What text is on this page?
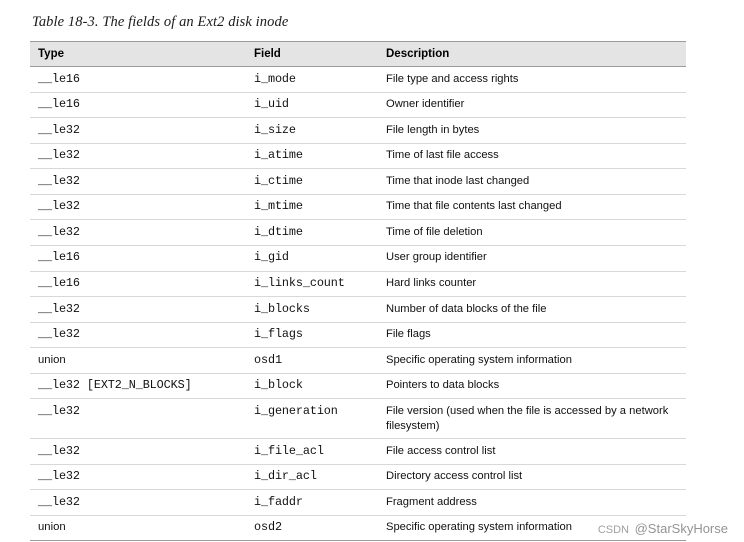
Table 18-3. The fields of an Ext2 disk inode
Type	Field	Description
__le16	i_mode	File type and access rights
__le16	i_uid	Owner identifier
__le32	i_size	File length in bytes
__le32	i_atime	Time of last file access
__le32	i_ctime	Time that inode last changed
__le32	i_mtime	Time that file contents last changed
__le32	i_dtime	Time of file deletion
__le16	i_gid	User group identifier
__le16	i_links_count	Hard links counter
__le32	i_blocks	Number of data blocks of the file
__le32	i_flags	File flags
union	osd1	Specific operating system information
__le32 [EXT2_N_BLOCKS]	i_block	Pointers to data blocks
__le32	i_generation	File version (used when the file is accessed by a network filesystem)
__le32	i_file_acl	File access control list
__le32	i_dir_acl	Directory access control list
__le32	i_faddr	Fragment address
union	osd2	Specific operating system information CSDN @StarSkyHorse
